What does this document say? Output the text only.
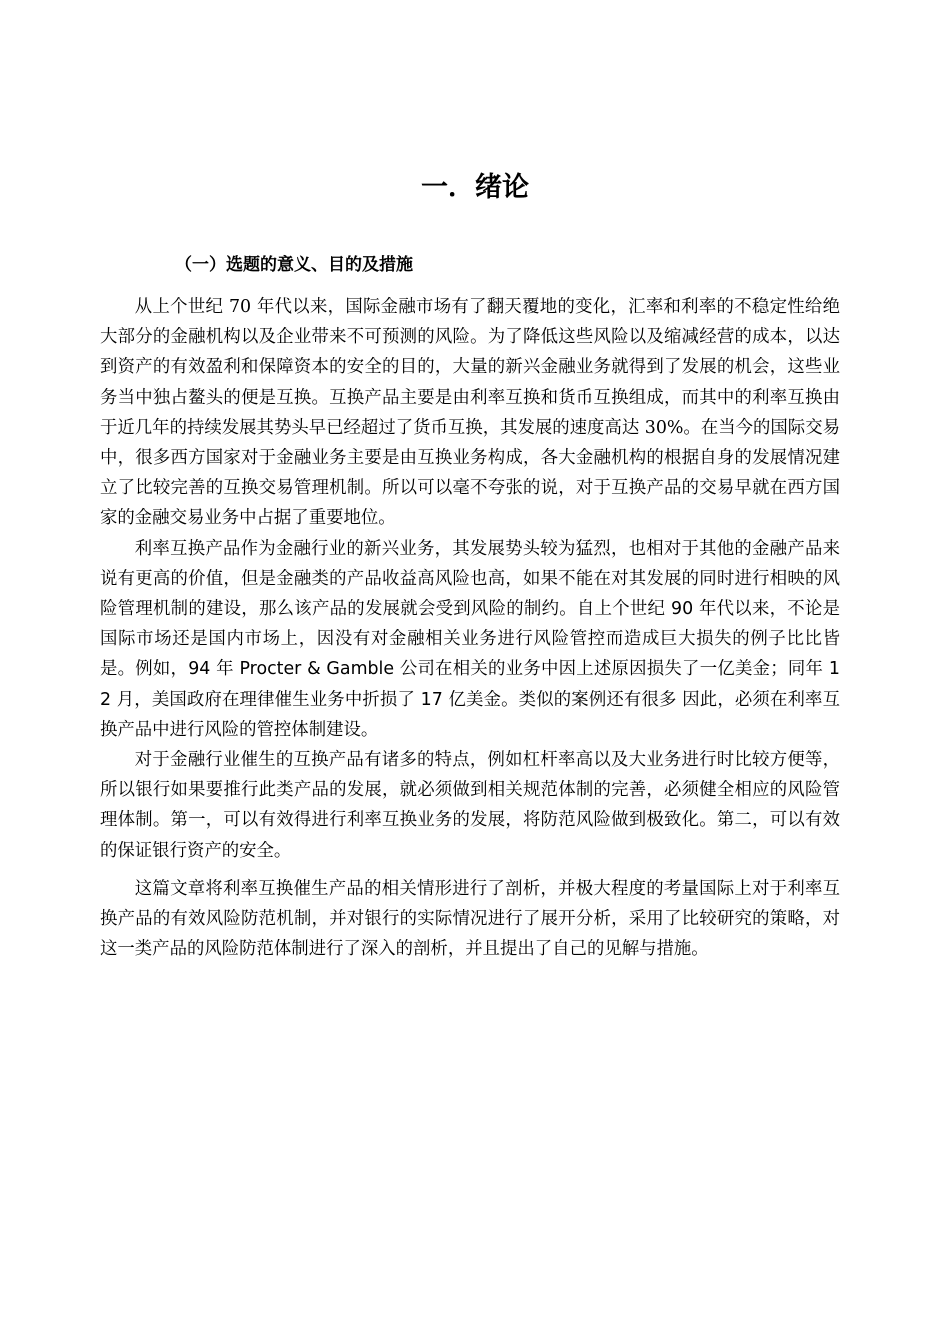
一．绪论
（一）选题的意义、目的及措施

从上个世纪 70 年代以来，国际金融市场有了翻天覆地的变化，汇率和利率的不稳定性给绝大部分的金融机构以及企业带来不可预测的风险。为了降低这些风险以及缩减经营的成本，以达到资产的有效盈利和保障资本的安全的目的，大量的新兴金融业务就得到了发展的机会，这些业务当中独占鳌头的便是互换。互换产品主要是由利率互换和货币互换组成，而其中的利率互换由于近几年的持续发展其势头早已经超过了货币互换，其发展的速度高达 30%。在当今的国际交易中，很多西方国家对于金融业务主要是由互换业务构成，各大金融机构的根据自身的发展情况建立了比较完善的互换交易管理机制。所以可以毫不夸张的说，对于互换产品的交易早就在西方国家的金融交易业务中占据了重要地位。

利率互换产品作为金融行业的新兴业务，其发展势头较为猛烈，也相对于其他的金融产品来说有更高的价值，但是金融类的产品收益高风险也高，如果不能在对其发展的同时进行相映的风险管理机制的建设，那么该产品的发展就会受到风险的制约。自上个世纪 90 年代以来，不论是国际市场还是国内市场上，因没有对金融相关业务进行风险管控而造成巨大损失的例子比比皆是。例如，94 年 Procter & Gamble 公司在相关的业务中因上述原因损失了一亿美金；同年 12 月，美国政府在理律催生业务中折损了 17 亿美金。类似的案例还有很多 因此，必须在利率互换产品中进行风险的管控体制建设。

对于金融行业催生的互换产品有诸多的特点，例如杠杆率高以及大业务进行时比较方便等，所以银行如果要推行此类产品的发展，就必须做到相关规范体制的完善，必须健全相应的风险管理体制。第一，可以有效得进行利率互换业务的发展，将防范风险做到极致化。第二，可以有效的保证银行资产的安全。

这篇文章将利率互换催生产品的相关情形进行了剖析，并极大程度的考量国际上对于利率互换产品的有效风险防范机制，并对银行的实际情况进行了展开分析，采用了比较研究的策略，对这一类产品的风险防范体制进行了深入的剖析，并且提出了自己的见解与措施。
